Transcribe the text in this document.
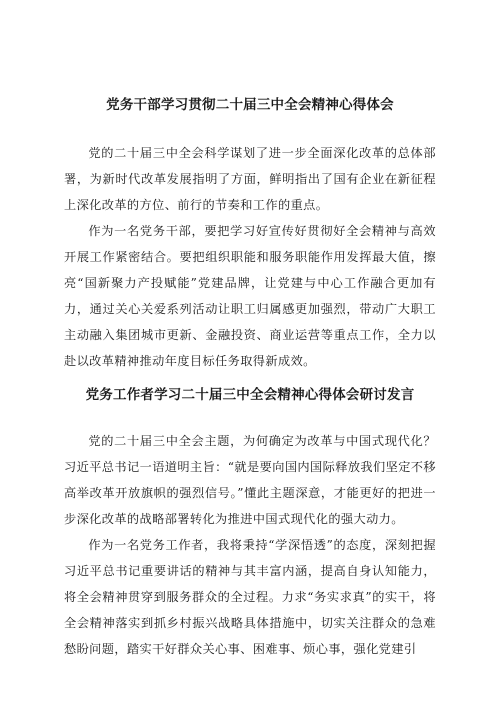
党务干部学习贯彻二十届三中全会精神心得体会

党的二十届三中全会科学谋划了进一步全面深化改革的总体部署，为新时代改革发展指明了方面，鲜明指出了国有企业在新征程上深化改革的方位、前行的节奏和工作的重点。

作为一名党务干部，要把学习好宣传好贯彻好全会精神与高效开展工作紧密结合。要把组织职能和服务职能作用发挥最大值，擦亮“国新聚力产投赋能”党建品牌，让党建与中心工作融合更加有力，通过关心关爱系列活动让职工归属感更加强烈，带动广大职工主动融入集团城市更新、金融投资、商业运营等重点工作，全力以赴以改革精神推动年度目标任务取得新成效。

党务工作者学习二十届三中全会精神心得体会研讨发言

党的二十届三中全会主题，为何确定为改革与中国式现代化？习近平总书记一语道明主旨：“就是要向国内国际释放我们坚定不移高举改革开放旗帜的强烈信号。”懂此主题深意，才能更好的把进一步深化改革的战略部署转化为推进中国式现代化的强大动力。

作为一名党务工作者，我将秉持“学深悟透”的态度，深刻把握习近平总书记重要讲话的精神与其丰富内涵，提高自身认知能力，将全会精神贯穿到服务群众的全过程。力求“务实求真”的实干，将全会精神落实到抓乡村振兴战略具体措施中，切实关注群众的急难愁盼问题，踏实干好群众关心事、困难事、烦心事，强化党建引
